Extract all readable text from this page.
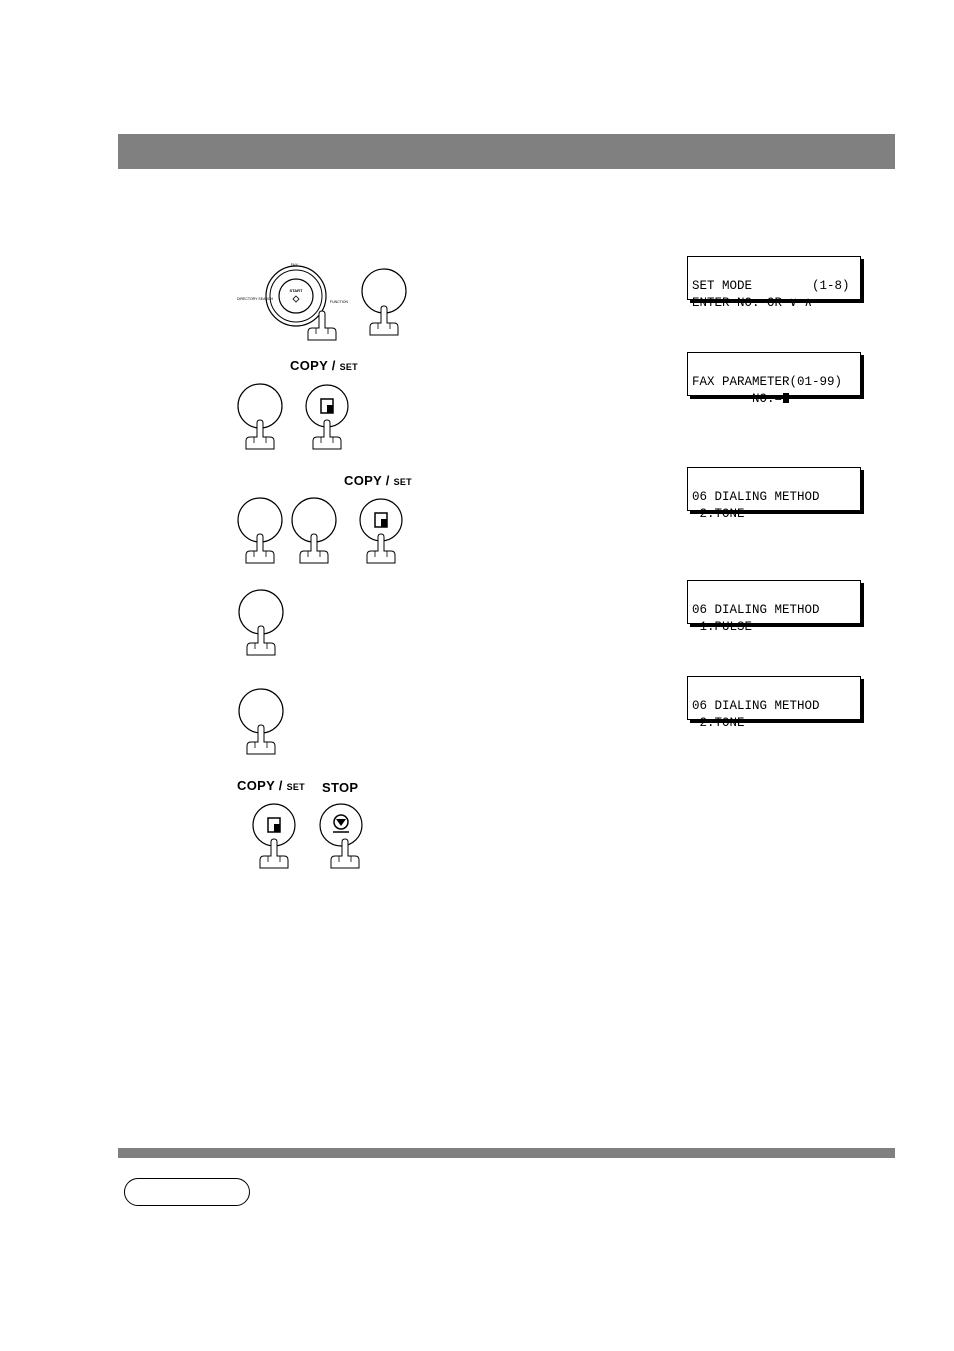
SET MODE        (1-8)
ENTER NO. OR ∨ ∧

FAX PARAMETER(01-99)
NO.=

06 DIALING METHOD
2:TONE

06 DIALING METHOD
1:PULSE

06 DIALING METHOD
2:TONE
COPY / SET
COPY / SET
COPY / SET STOP
START
DIRECTORY SEARCH
FUNCTION
FAX/...
